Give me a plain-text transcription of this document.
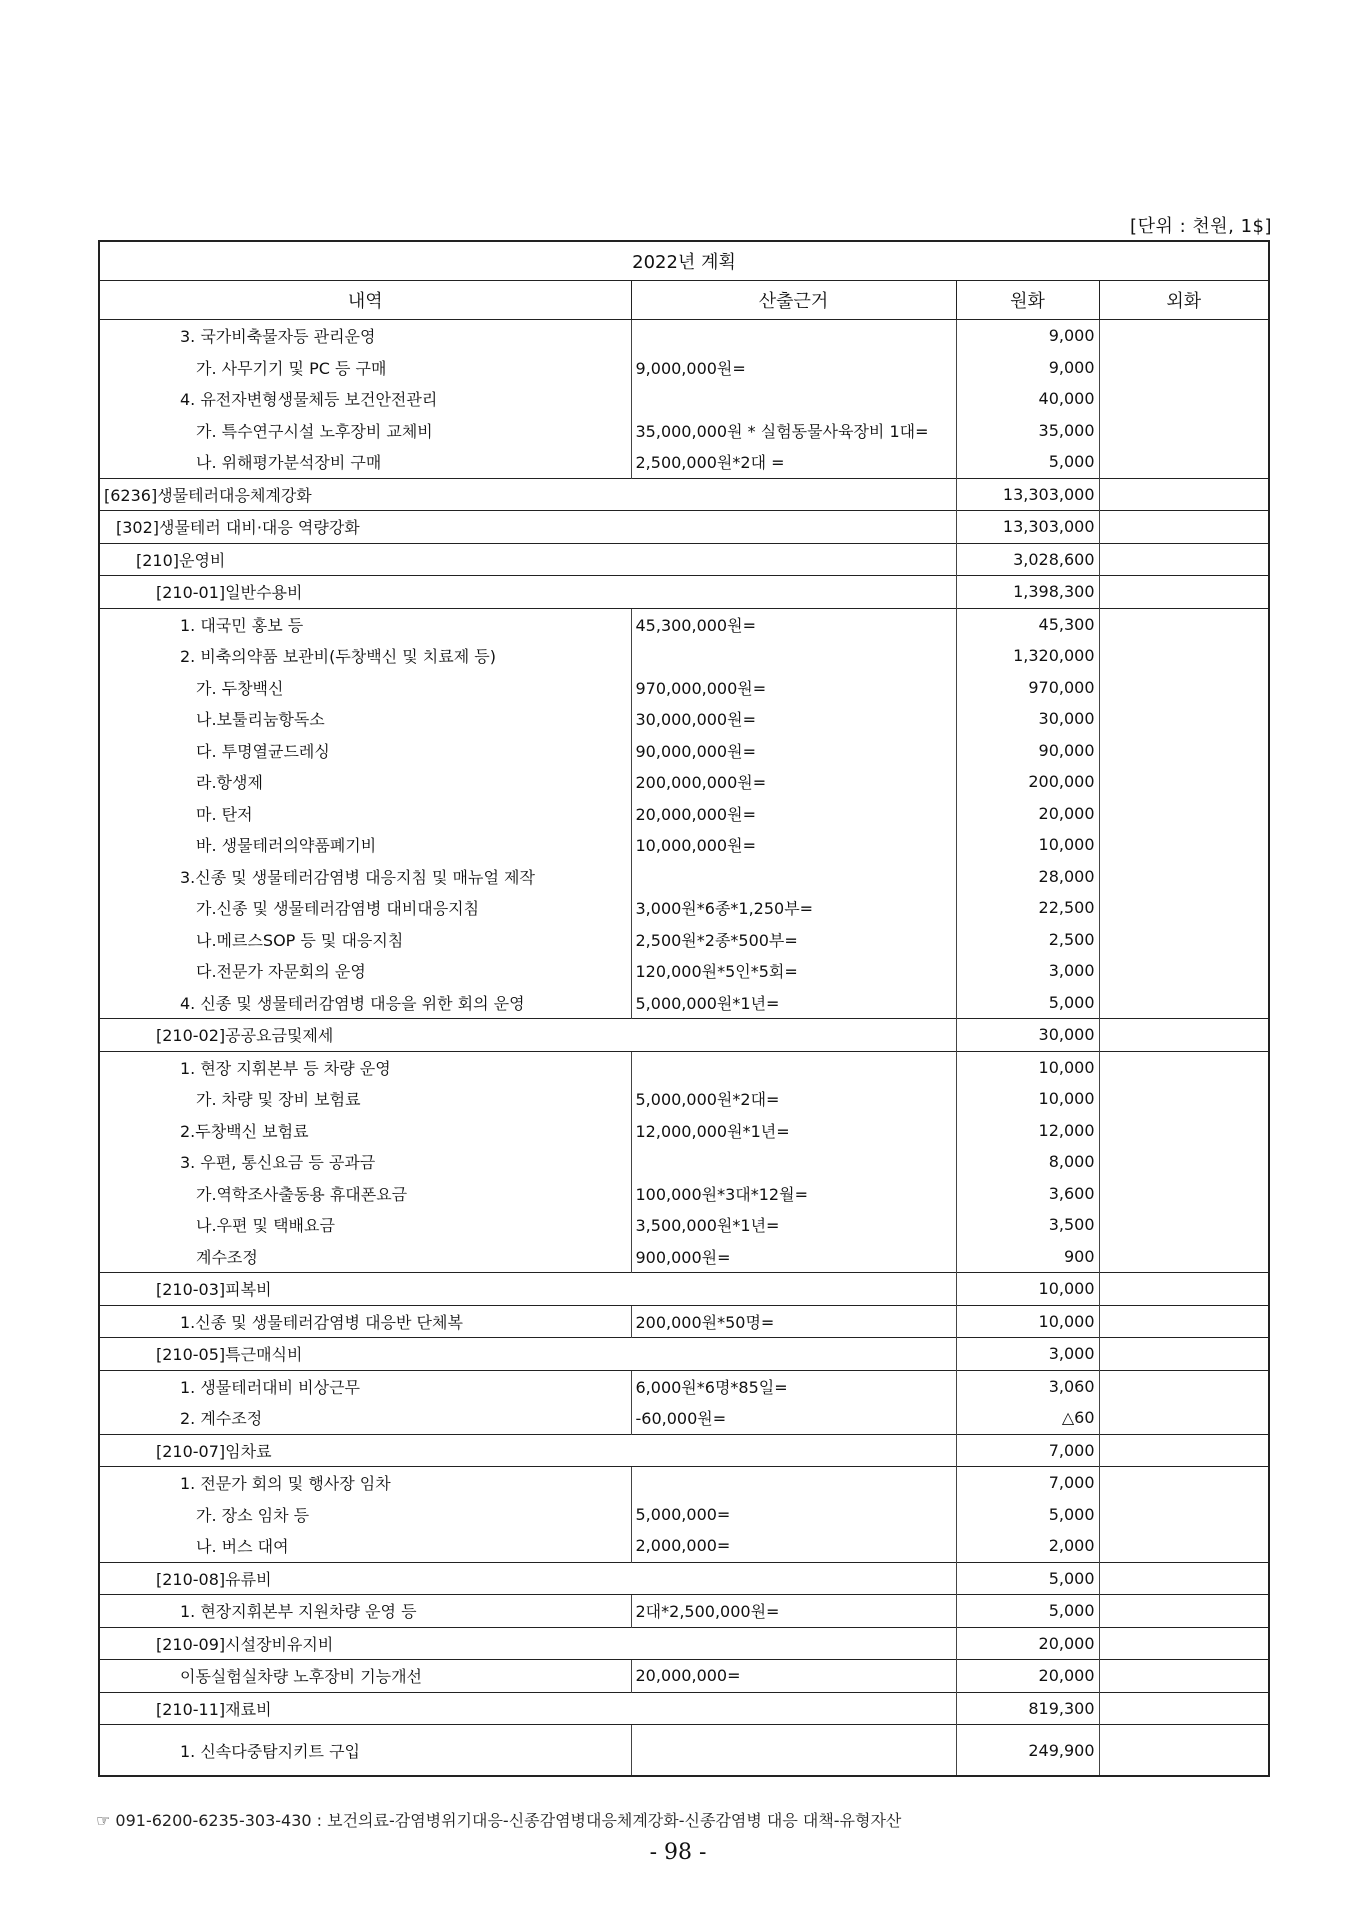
[단위 : 천원, 1$]
2022년 계획			
내역	산출근거	원화	외화
3. 국가비축물자등 관리운영		9,000	
가. 사무기기 및 PC 등 구매	9,000,000원=	9,000	
4. 유전자변형생물체등 보건안전관리		40,000	
가. 특수연구시설 노후장비 교체비	35,000,000원 * 실험동물사육장비 1대=	35,000	
나. 위해평가분석장비 구매	2,500,000원*2대 =	5,000	
[6236]생물테러대응체계강화		13,303,000	
[302]생물테러 대비·대응 역량강화		13,303,000	
[210]운영비		3,028,600	
[210-01]일반수용비		1,398,300	
1. 대국민 홍보 등	45,300,000원=	45,300	
2. 비축의약품 보관비(두창백신 및 치료제 등)		1,320,000	
가. 두창백신	970,000,000원=	970,000	
나.보툴리눔항독소	30,000,000원=	30,000	
다. 투명열균드레싱	90,000,000원=	90,000	
라.항생제	200,000,000원=	200,000	
마. 탄저	20,000,000원=	20,000	
바. 생물테러의약품폐기비	10,000,000원=	10,000	
3.신종 및 생물테러감염병 대응지침 및 매뉴얼 제작		28,000	
가.신종 및 생물테러감염병 대비대응지침	3,000원*6종*1,250부=	22,500	
나.메르스SOP 등 및 대응지침	2,500원*2종*500부=	2,500	
다.전문가 자문회의 운영	120,000원*5인*5회=	3,000	
4. 신종 및 생물테러감염병 대응을 위한 회의 운영	5,000,000원*1년=	5,000	
[210-02]공공요금및제세		30,000	
1. 현장 지휘본부 등 차량 운영		10,000	
가. 차량 및 장비 보험료	5,000,000원*2대=	10,000	
2.두창백신 보험료	12,000,000원*1년=	12,000	
3. 우편, 통신요금 등 공과금		8,000	
가.역학조사출동용 휴대폰요금	100,000원*3대*12월=	3,600	
나.우편 및 택배요금	3,500,000원*1년=	3,500	
계수조정	900,000원=	900	
[210-03]피복비		10,000	
1.신종 및 생물테러감염병 대응반 단체복	200,000원*50명=	10,000	
[210-05]특근매식비		3,000	
1. 생물테러대비 비상근무	6,000원*6명*85일=	3,060	
2. 계수조정	-60,000원=	△60	
[210-07]임차료		7,000	
1. 전문가 회의 및 행사장 임차		7,000	
가. 장소 임차 등	5,000,000=	5,000	
나. 버스 대여	2,000,000=	2,000	
[210-08]유류비		5,000	
1. 현장지휘본부 지원차량 운영 등	2대*2,500,000원=	5,000	
[210-09]시설장비유지비		20,000	
이동실험실차량 노후장비 기능개선	20,000,000=	20,000	
[210-11]재료비		819,300	
1. 신속다중탐지키트 구입		249,900	
☞ 091-6200-6235-303-430 : 보건의료-감염병위기대응-신종감염병대응체계강화-신종감염병 대응 대책-유형자산
- 98 -
